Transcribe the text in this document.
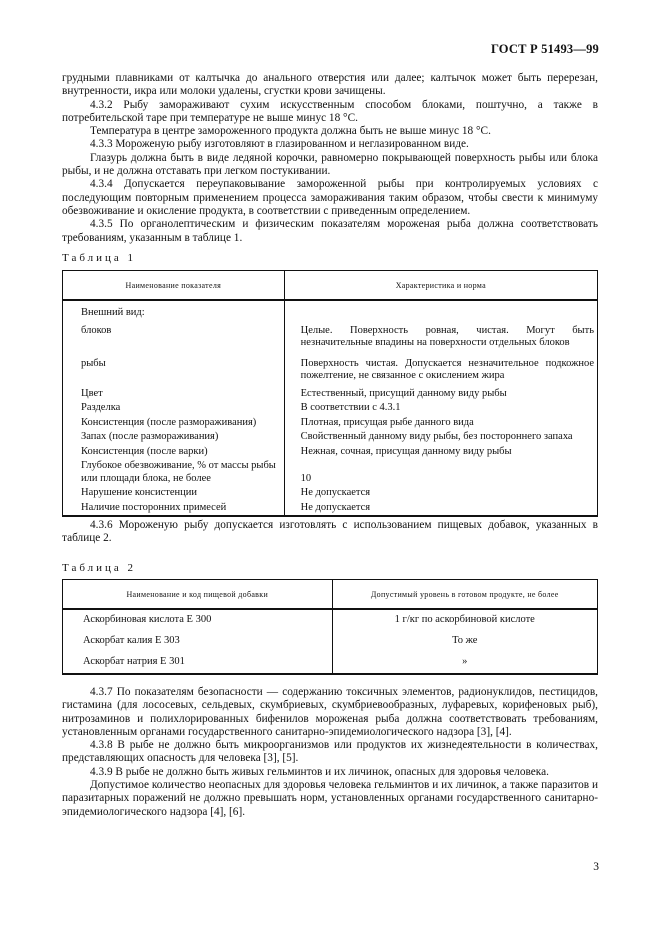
ГОСТ Р 51493—99

грудными плавниками от калтычка до анального отверстия или далее; калтычок может быть перерезан, внутренности, икра или молоки удалены, сгустки крови зачищены.

4.3.2 Рыбу замораживают сухим искусственным способом блоками, поштучно, а также в потребительской таре при температуре не выше минус 18 °С.

Температура в центре замороженного продукта должна быть не выше минус 18 °С.

4.3.3 Мороженую рыбу изготовляют в глазированном и неглазированном виде.

Глазурь должна быть в виде ледяной корочки, равномерно покрывающей поверхность рыбы или блока рыбы, и не должна отставать при легком постукивании.

4.3.4 Допускается переупаковывание замороженной рыбы при контролируемых условиях с последующим повторным применением процесса замораживания таким образом, чтобы свести к минимуму обезвоживание и окисление продукта, в соответствии с приведенным определением.

4.3.5 По органолептическим и физическим показателям мороженая рыба должна соответствовать требованиям, указанным в таблице 1.

Таблица 1

Наименование показателя	Характеристика и норма
Внешний вид:	
блоков	Целые. Поверхность ровная, чистая. Могут быть незначительные впадины на поверхности отдельных блоков
рыбы	Поверхность чистая. Допускается незначительное подкожное пожелтение, не связанное с окислением жира
Цвет	Естественный, присущий данному виду рыбы
Разделка	В соответствии с 4.3.1
Консистенция (после размораживания)	Плотная, присущая рыбе данного вида
Запах (после размораживания)	Свойственный данному виду рыбы, без постороннего запаха
Консистенция (после варки)	Нежная, сочная, присущая данному виду рыбы
Глубокое обезвоживание, % от массы рыбы или площади блока, не более	10
Нарушение консистенции	Не допускается
Наличие посторонних примесей	Не допускается

4.3.6 Мороженую рыбу допускается изготовлять с использованием пищевых добавок, указанных в таблице 2.

Таблица 2

Наименование и код пищевой добавки	Допустимый уровень в готовом продукте, не более
Аскорбиновая кислота Е 300	1 г/кг по аскорбиновой кислоте
Аскорбат калия Е 303	То же
Аскорбат натрия Е 301	»

4.3.7 По показателям безопасности — содержанию токсичных элементов, радионуклидов, пестицидов, гистамина (для лососевых, сельдевых, скумбриевых, скумбриевообразных, луфаревых, корифеновых рыб), нитрозаминов и полихлорированных бифенилов мороженая рыба должна соответствовать требованиям, установленным органами государственного санитарно-эпидемиологического надзора [3], [4].

4.3.8 В рыбе не должно быть микроорганизмов или продуктов их жизнедеятельности в количествах, представляющих опасность для человека [3], [5].

4.3.9 В рыбе не должно быть живых гельминтов и их личинок, опасных для здоровья человека.

Допустимое количество неопасных для здоровья человека гельминтов и их личинок, а также паразитов и паразитарных поражений не должно превышать норм, установленных органами государственного санитарно-эпидемиологического надзора [4], [6].

3
